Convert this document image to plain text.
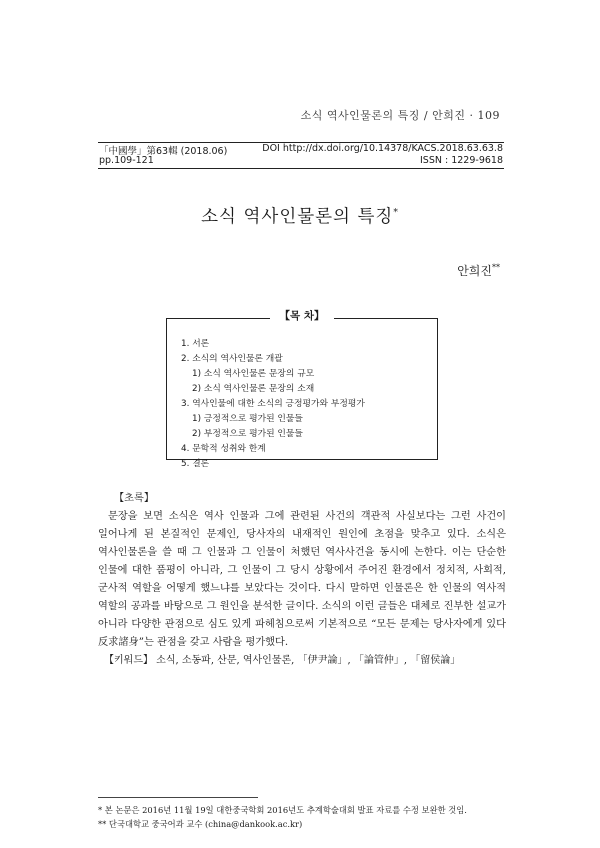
소식 역사인물론의 특징 / 안희진 · 109
「中國學」第63輯 (2018.06)	DOI http://dx.doi.org/10.14378/KACS.2018.63.63.8
pp.109-121	ISSN : 1229-9618
소식 역사인물론의 특징*
안희진**
1. 서론
2. 소식의 역사인물론 개괄
1) 소식 역사인물론 문장의 규모
2) 소식 역사인물론 문장의 소재
3. 역사인물에 대한 소식의 긍정평가와 부정평가
1) 긍정적으로 평가된 인물들
2) 부정적으로 평가된 인물들
4. 문학적 성취와 한계
5. 결론
【목 차】
【초록】
문장을 보면 소식은 역사 인물과 그에 관련된 사건의 객관적 사실보다는 그런 사건이 일어나게 된 본질적인 문제인, 당사자의 내재적인 원인에 초점을 맞추고 있다. 소식은 역사인물론을 쓸 때 그 인물과 그 인물이 처했던 역사사건을 동시에 논한다. 이는 단순한 인물에 대한 품평이 아니라, 그 인물이 그 당시 상황에서 주어진 환경에서 정치적, 사회적, 군사적 역할을 어떻게 했느냐를 보았다는 것이다. 다시 말하면 인물론은 한 인물의 역사적 역할의 공과를 바탕으로 그 원인을 분석한 글이다. 소식의 이런 글들은 대체로 진부한 설교가 아니라 다양한 관점으로 심도 있게 파헤침으로써 기본적으로 “모든 문제는 당사자에게 있다 反求諸身”는 관점을 갖고 사람을 평가했다.
【키워드】 소식, 소동파, 산문, 역사인물론, 「伊尹論」, 「論管仲」, 「留侯論」
* 본 논문은 2016년 11월 19일 대한중국학회 2016년도 추계학술대회 발표 자료를 수정 보완한 것임.
** 단국대학교 중국어과 교수 (china@dankook.ac.kr)
